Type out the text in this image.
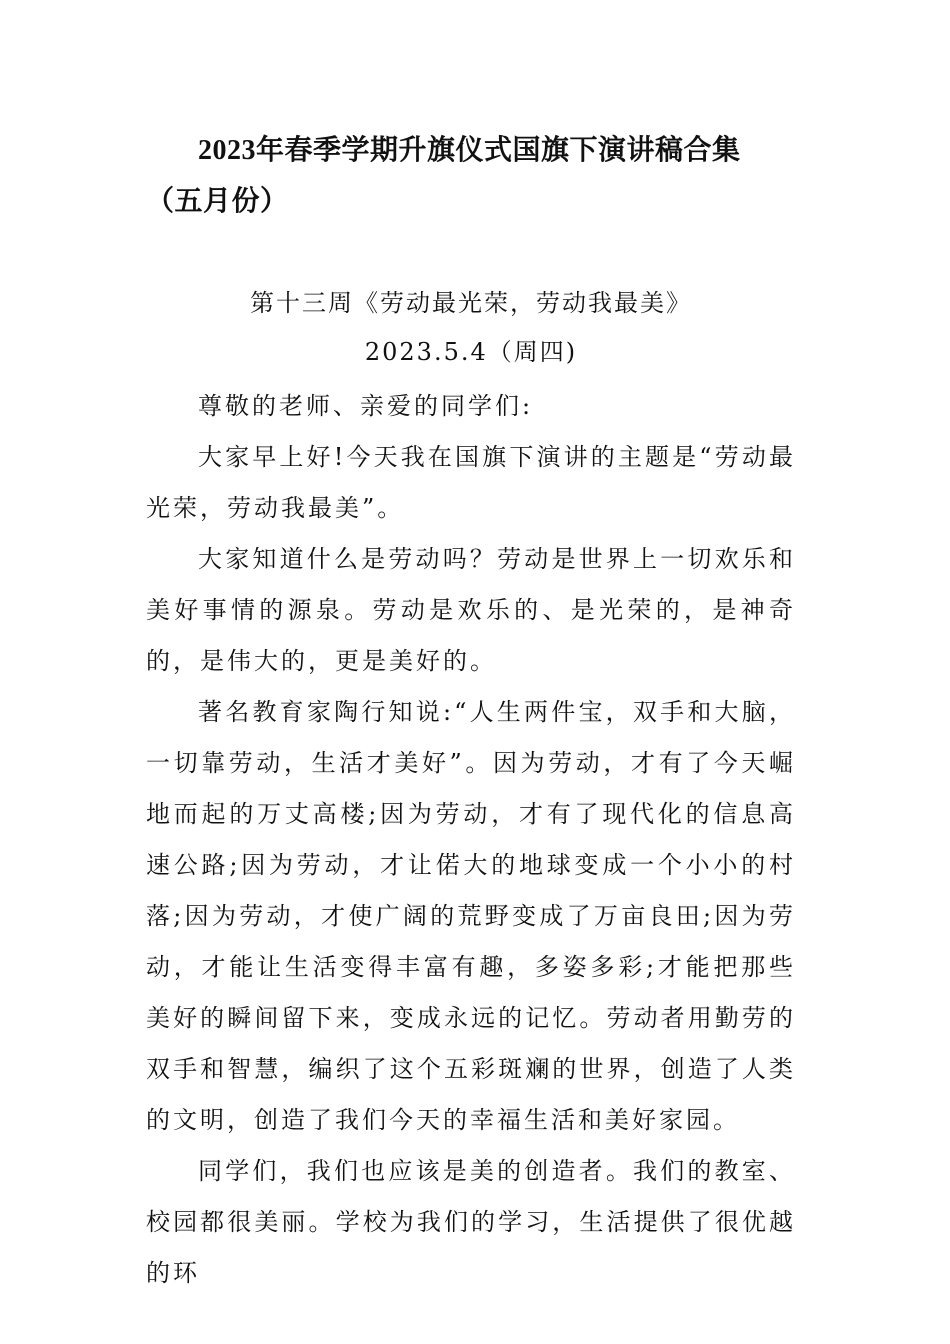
2023年春季学期升旗仪式国旗下演讲稿合集（五月份）
第十三周《劳动最光荣，劳动我最美》
2023.5.4（周四)

尊敬的老师、亲爱的同学们:

大家早上好!今天我在国旗下演讲的主题是“劳动最光荣，劳动我最美”。

大家知道什么是劳动吗？劳动是世界上一切欢乐和美好事情的源泉。劳动是欢乐的、是光荣的，是神奇的，是伟大的，更是美好的。

著名教育家陶行知说:“人生两件宝，双手和大脑，一切靠劳动，生活才美好”。因为劳动，才有了今天崛地而起的万丈高楼;因为劳动，才有了现代化的信息高速公路;因为劳动，才让偌大的地球变成一个小小的村落;因为劳动，才使广阔的荒野变成了万亩良田;因为劳动，才能让生活变得丰富有趣，多姿多彩;才能把那些美好的瞬间留下来，变成永远的记忆。劳动者用勤劳的双手和智慧，编织了这个五彩斑斓的世界，创造了人类的文明，创造了我们今天的幸福生活和美好家园。

同学们，我们也应该是美的创造者。我们的教室、校园都很美丽。学校为我们的学习，生活提供了很优越的环
